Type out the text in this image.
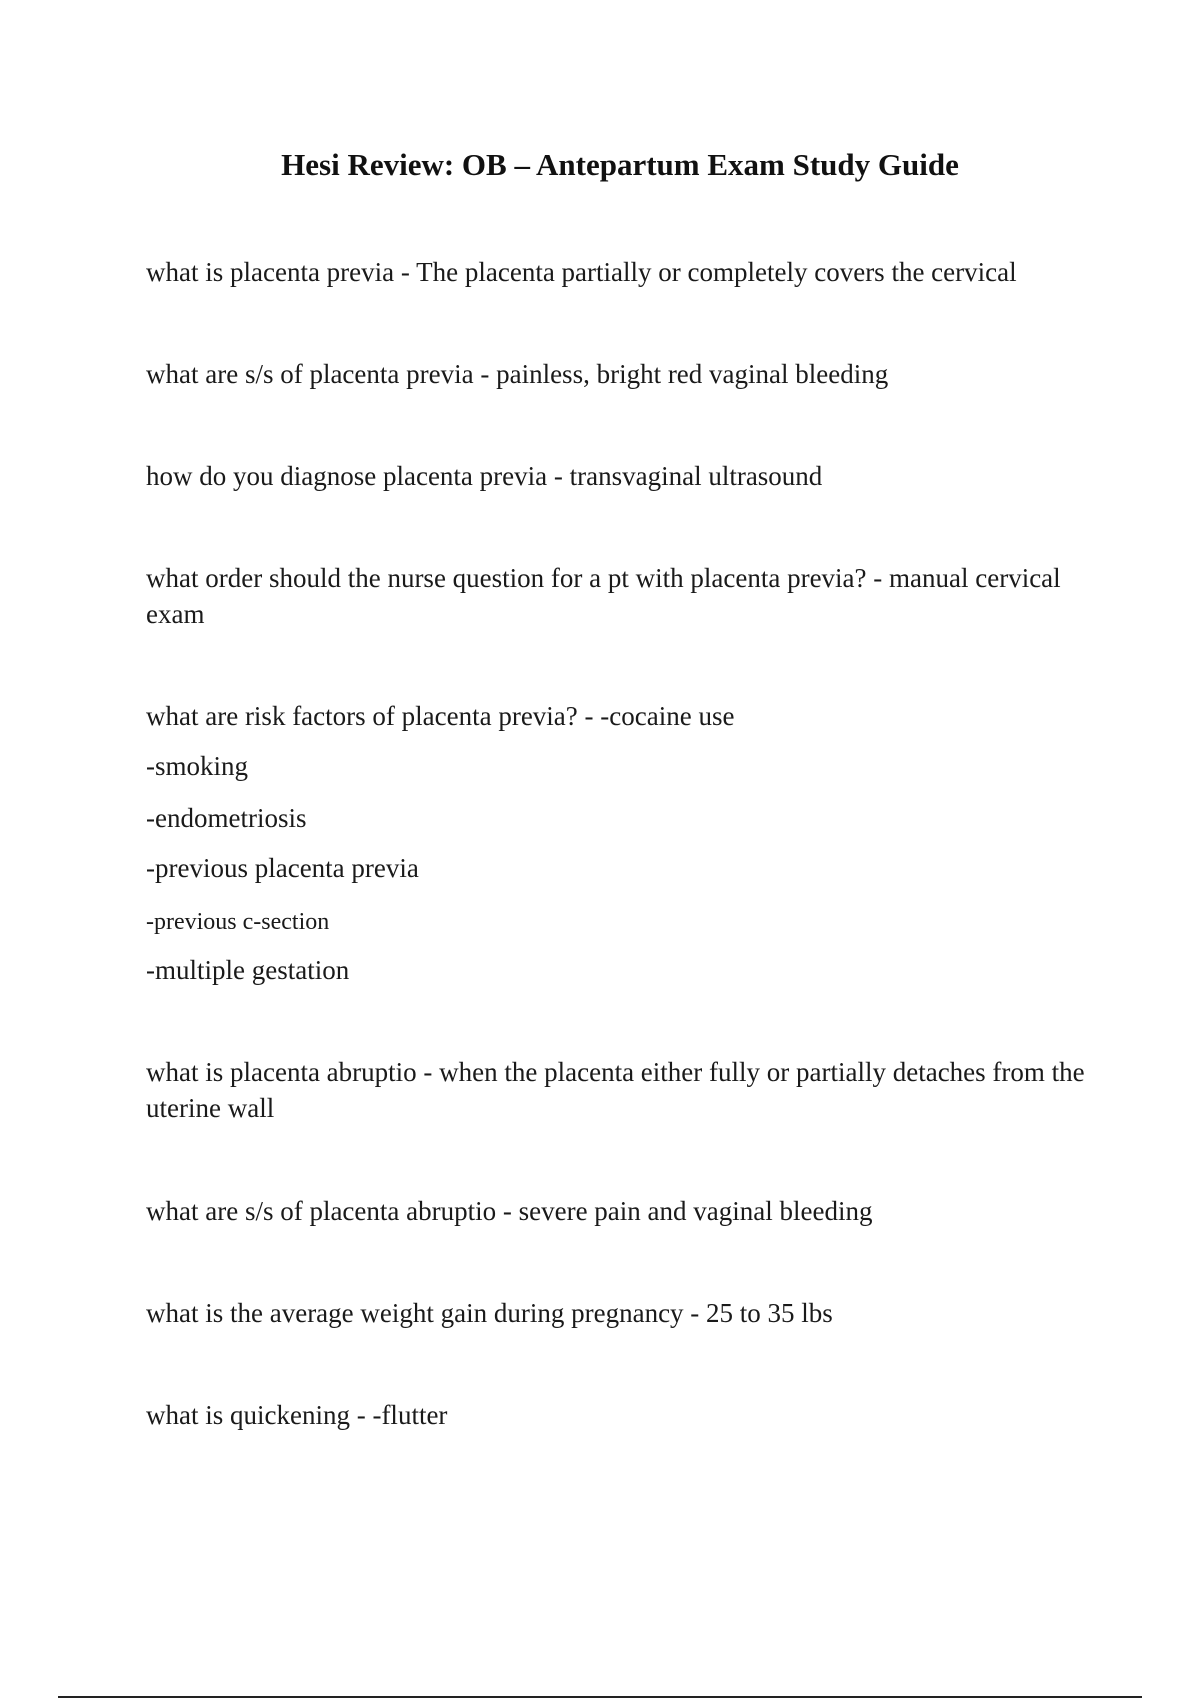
Hesi Review: OB – Antepartum Exam Study Guide

what is placenta previa - The placenta partially or completely covers the cervical

what are s/s of placenta previa - painless, bright red vaginal bleeding

how do you diagnose placenta previa - transvaginal ultrasound

what order should the nurse question for a pt with placenta previa? - manual cervical exam

what are risk factors of placenta previa? - -cocaine use

-smoking

-endometriosis

-previous placenta previa

-previous c-section

-multiple gestation

what is placenta abruptio - when the placenta either fully or partially detaches from the uterine wall

what are s/s of placenta abruptio - severe pain and vaginal bleeding

what is the average weight gain during pregnancy - 25 to 35 lbs

what is quickening - -flutter
